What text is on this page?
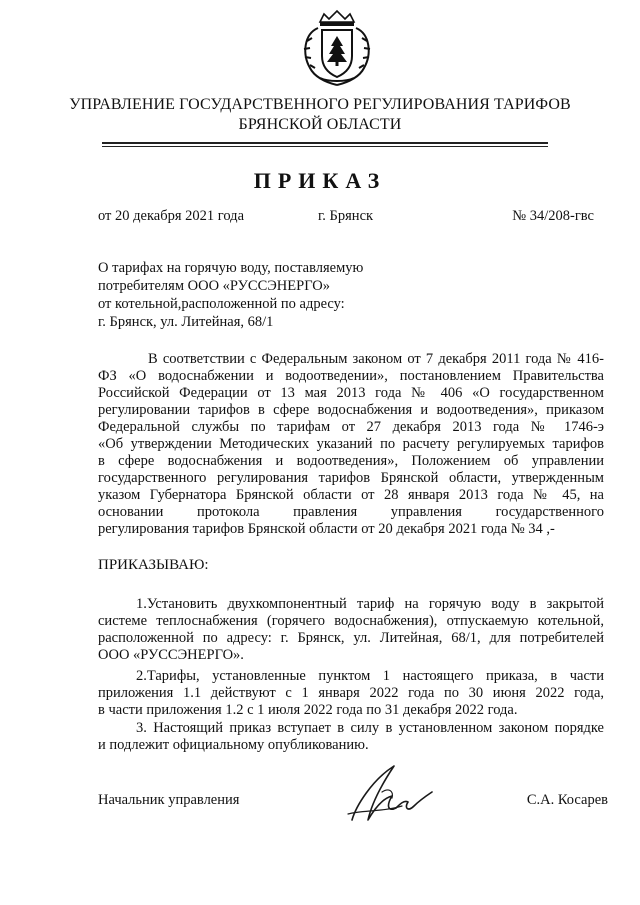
УПРАВЛЕНИЕ ГОСУДАРСТВЕННОГО РЕГУЛИРОВАНИЯ ТАРИФОВ
БРЯНСКОЙ ОБЛАСТИ
ПРИКАЗ
от 20 декабря 2021 года	г. Брянск	№ 34/208-гвс
О тарифах на горячую воду, поставляемую
потребителям ООО «РУССЭНЕРГО»
от котельной,расположенной по адресу:
г. Брянск, ул. Литейная, 68/1
В соответствии с Федеральным законом от 7 декабря 2011 года № 416-
ФЗ «О водоснабжении и водоотведении», постановлением Правительства
Российской Федерации от 13 мая 2013 года № 406 «О государственном
регулировании тарифов в сфере водоснабжения и водоотведения», приказом
Федеральной службы по тарифам от 27 декабря 2013 года № 1746-э
«Об утверждении Методических указаний по расчету регулируемых тарифов
в сфере водоснабжения и водоотведения», Положением об управлении
государственного регулирования тарифов Брянской области, утвержденным
указом Губернатора Брянской области от 28 января 2013 года № 45, на
основании протокола правления управления государственного
регулирования тарифов Брянской области от 20 декабря 2021 года № 34 ,-
ПРИКАЗЫВАЮ:
1.Установить двухкомпонентный тариф на горячую воду в закрытой
системе теплоснабжения (горячего водоснабжения), отпускаемую котельной,
расположенной по адресу: г. Брянск, ул. Литейная, 68/1, для потребителей
ООО «РУССЭНЕРГО».
2.Тарифы, установленные пунктом 1 настоящего приказа, в части
приложения 1.1 действуют с 1 января 2022 года по 30 июня 2022 года,
в части приложения 1.2 с 1 июля 2022 года по 31 декабря 2022 года.
3. Настоящий приказ вступает в силу в установленном законом порядке
и подлежит официальному опубликованию.
Начальник управления	С.А. Косарев
